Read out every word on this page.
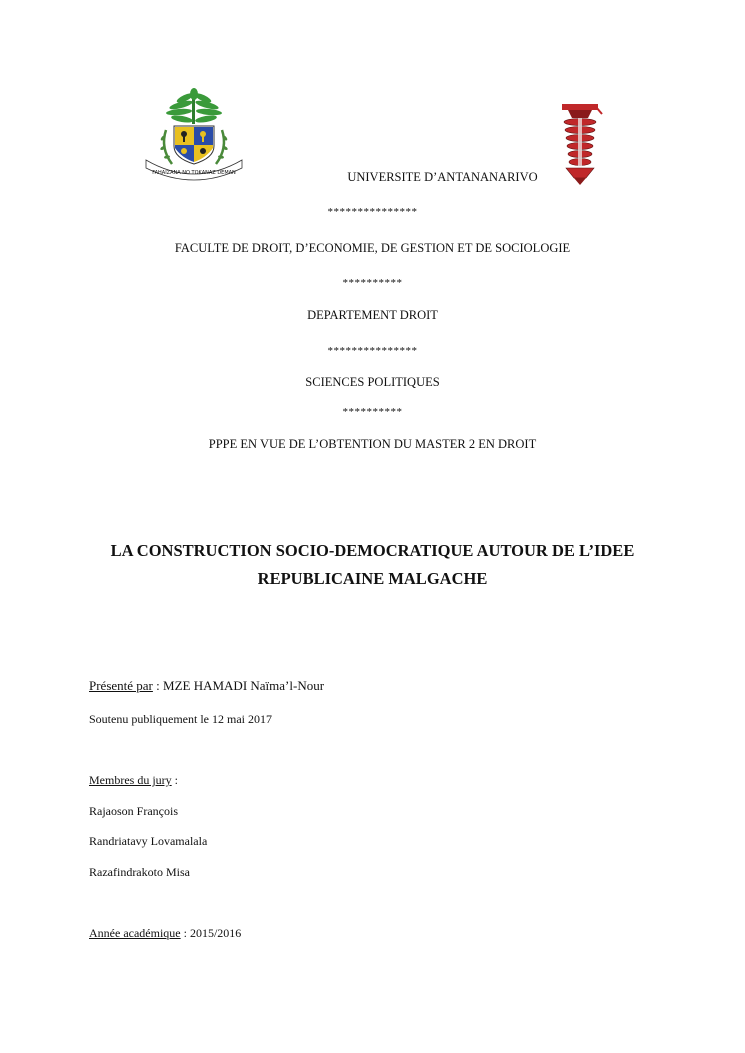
FAHAIZANA NO TOKANAZ DEMAN	UNIVERSITE D’ANTANANARIVO
***************
FACULTE DE DROIT, D’ECONOMIE, DE GESTION ET DE SOCIOLOGIE
**********
DEPARTEMENT DROIT
***************
SCIENCES POLITIQUES
**********
PPPE EN VUE DE L’OBTENTION DU MASTER 2 EN DROIT
LA CONSTRUCTION SOCIO-DEMOCRATIQUE AUTOUR DE L’IDEE
REPUBLICAINE MALGACHE
Présenté par : MZE HAMADI Naïma’l-Nour
Soutenu publiquement le 12 mai 2017
Membres du jury :
Rajaoson François
Randriatavy Lovamalala
Razafindrakoto Misa
Année académique : 2015/2016
